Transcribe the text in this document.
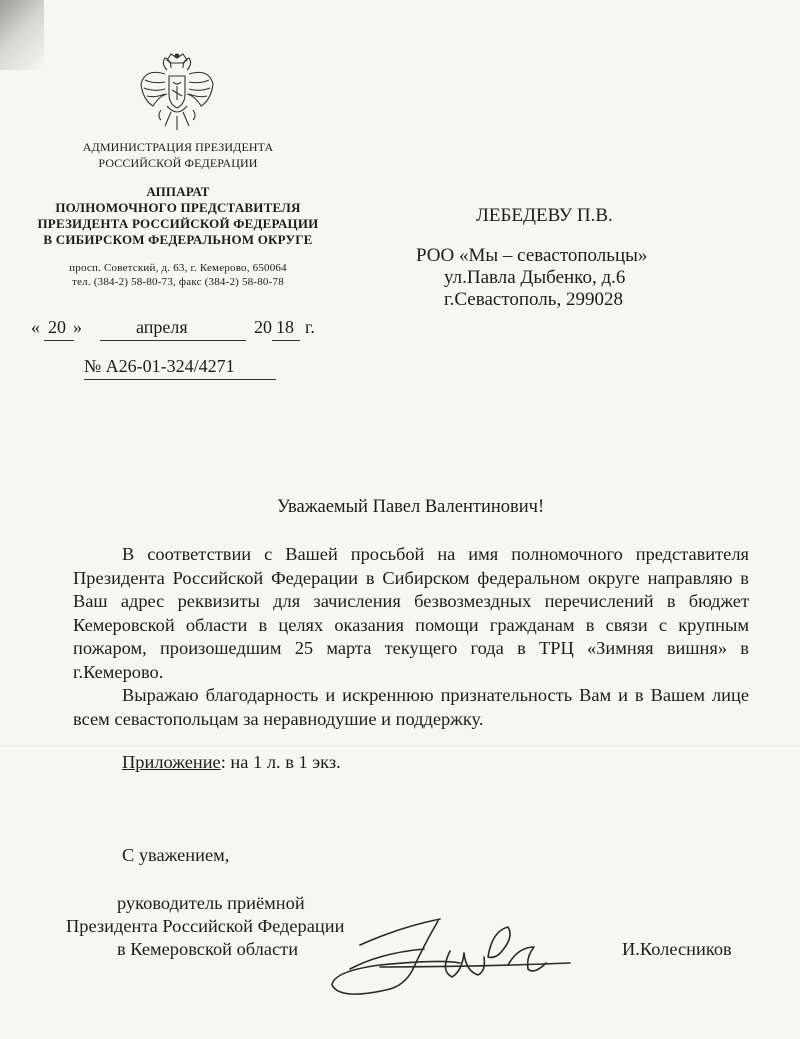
АДМИНИСТРАЦИЯ ПРЕЗИДЕНТА
РОССИЙСКОЙ ФЕДЕРАЦИИ
АППАРАТ
ПОЛНОМОЧНОГО ПРЕДСТАВИТЕЛЯ
ПРЕЗИДЕНТА РОССИЙСКОЙ ФЕДЕРАЦИИ
В СИБИРСКОМ ФЕДЕРАЛЬНОМ ОКРУГЕ
просп. Советский, д. 63, г. Кемерово, 650064
тел. (384-2) 58-80-73, факс (384-2) 58-80-78
« 20 »	апреля	20 18 г.
№ А26-01-324/4271
ЛЕБЕДЕВУ П.В.
РОО «Мы – севастопольцы»
ул.Павла Дыбенко, д.6
г.Севастополь, 299028
Уважаемый Павел Валентинович!

В соответствии с Вашей просьбой на имя полномочного представителя Президента Российской Федерации в Сибирском федеральном округе направляю в Ваш адрес реквизиты для зачисления безвозмездных перечислений в бюджет Кемеровской области в целях оказания помощи гражданам в связи с крупным пожаром, произошедшим 25 марта текущего года в ТРЦ «Зимняя вишня» в г.Кемерово.

Выражаю благодарность и искреннюю признательность Вам и в Вашем лице всем севастопольцам за неравнодушие и поддержку.

Приложение: на 1 л. в 1 экз.
С уважением,
руководитель приёмной
Президента Российской Федерации
в Кемеровской области	И.Колесников
